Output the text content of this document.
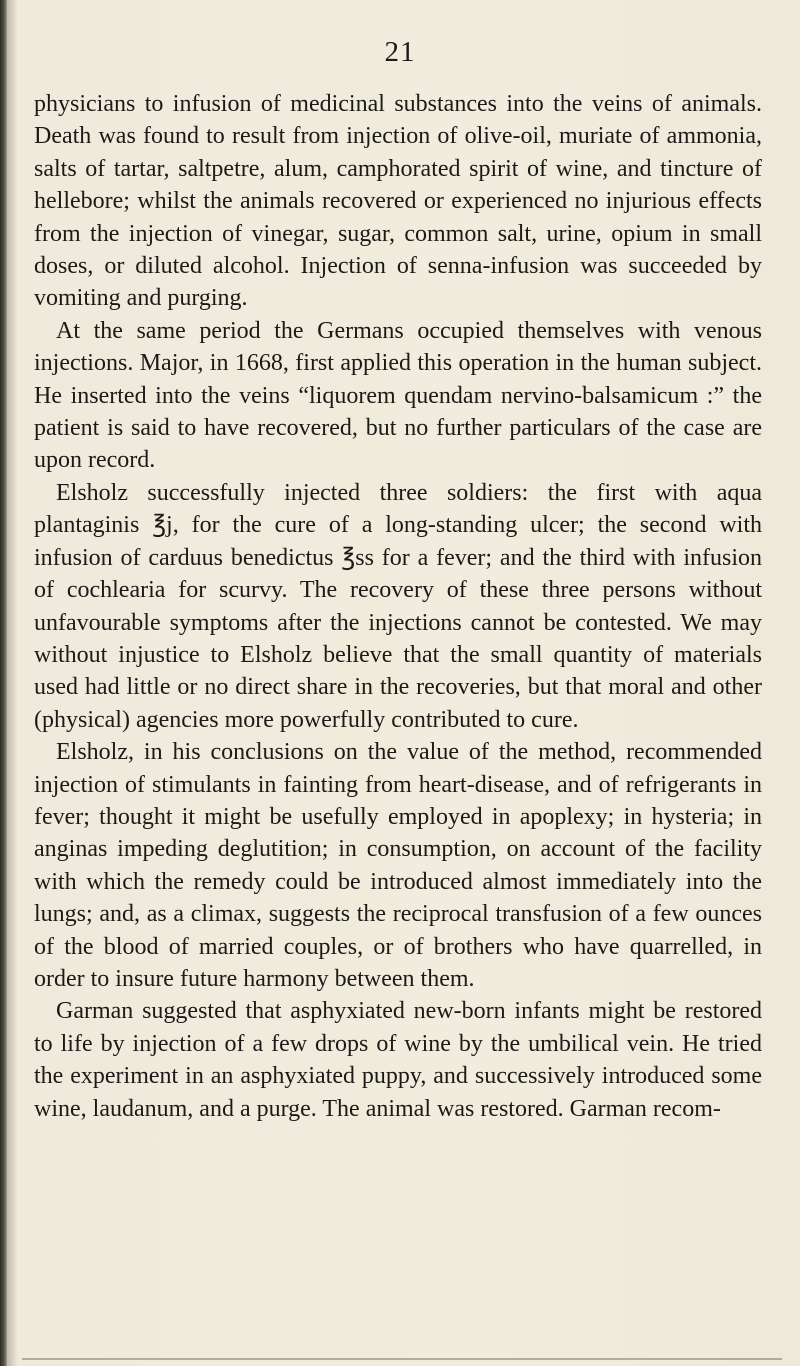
21

physicians to infusion of medicinal substances into the veins of animals. Death was found to result from injection of olive-oil, muriate of ammonia, salts of tartar, saltpetre, alum, camphorated spirit of wine, and tincture of hellebore; whilst the animals recovered or experienced no injurious effects from the injection of vinegar, sugar, common salt, urine, opium in small doses, or diluted alcohol. Injection of senna-infusion was succeeded by vomiting and purging.

At the same period the Germans occupied themselves with venous injections. Major, in 1668, first applied this operation in the human subject. He inserted into the veins “liquorem quendam nervino-balsamicum :” the patient is said to have recovered, but no further particulars of the case are upon record.

Elsholz successfully injected three soldiers: the first with aqua plantaginis ℥j, for the cure of a long-standing ulcer; the second with infusion of carduus benedictus ℥ss for a fever; and the third with infusion of cochlearia for scurvy. The recovery of these three persons without unfavourable symptoms after the injections cannot be contested. We may without injustice to Elsholz believe that the small quantity of materials used had little or no direct share in the recoveries, but that moral and other (physical) agencies more powerfully contributed to cure.

Elsholz, in his conclusions on the value of the method, recommended injection of stimulants in fainting from heart-disease, and of refrigerants in fever; thought it might be usefully employed in apoplexy; in hysteria; in anginas impeding deglutition; in consumption, on account of the facility with which the remedy could be introduced almost immediately into the lungs; and, as a climax, suggests the reciprocal transfusion of a few ounces of the blood of married couples, or of brothers who have quarrelled, in order to insure future harmony between them.

Garman suggested that asphyxiated new-born infants might be restored to life by injection of a few drops of wine by the umbilical vein. He tried the experiment in an asphyxiated puppy, and successively introduced some wine, laudanum, and a purge. The animal was restored. Garman recom-
